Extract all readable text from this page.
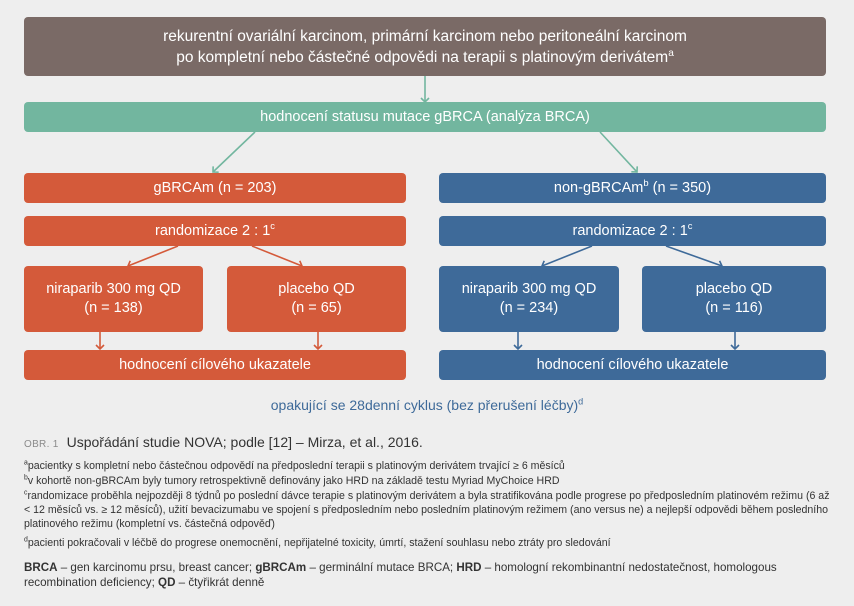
rekurentní ovariální karcinom, primární karcinom nebo peritoneální karcinom
po kompletní nebo částečné odpovědi na terapii s platinovým derivátem$^a$
hodnocení statusu mutace gBRCA (analýza BRCA)
gBRCAm (n = 203)
randomizace 2 : 1$^c$
niraparib 300 mg QD
(n = 138)
placebo QD
(n = 65)
hodnocení cílového ukazatele
non-gBRCAm$^b$ (n = 350)
randomizace 2 : 1$^c$
niraparib 300 mg QD
(n = 234)
placebo QD
(n = 116)
hodnocení cílového ukazatele
opakující se 28denní cyklus (bez přerušení léčby)$^d$
OBR. 1 Uspořádání studie NOVA; podle [12] – Mirza, et al., 2016.
$^a$pacientky s kompletní nebo částečnou odpovědí na předposlední terapii s platinovým derivátem trvající ≥ 6 měsíců
$^b$v kohortě non-gBRCAm byly tumory retrospektivně definovány jako HRD na základě testu Myriad MyChoice HRD
$^c$randomizace proběhla nejpozději 8 týdnů po poslední dávce terapie s platinovým derivátem a byla stratifikována podle progrese po předposledním platinovém režimu (6 až < 12 měsíců vs. ≥ 12 měsíců), užití bevacizumabu ve spojení s předposledním nebo posledním platinovým režimem (ano versus ne) a nejlepší odpovědi během posledního platinového režimu (kompletní vs. částečná odpověď)
$^d$pacienti pokračovali v léčbě do progrese onemocnění, nepřijatelné toxicity, úmrtí, stažení souhlasu nebo ztráty pro sledování
BRCA – gen karcinomu prsu, breast cancer; gBRCAm – germinální mutace BRCA; HRD – homologní rekombinantní nedostatečnost, homologous recombination deficiency; QD – čtyřikrát denně
